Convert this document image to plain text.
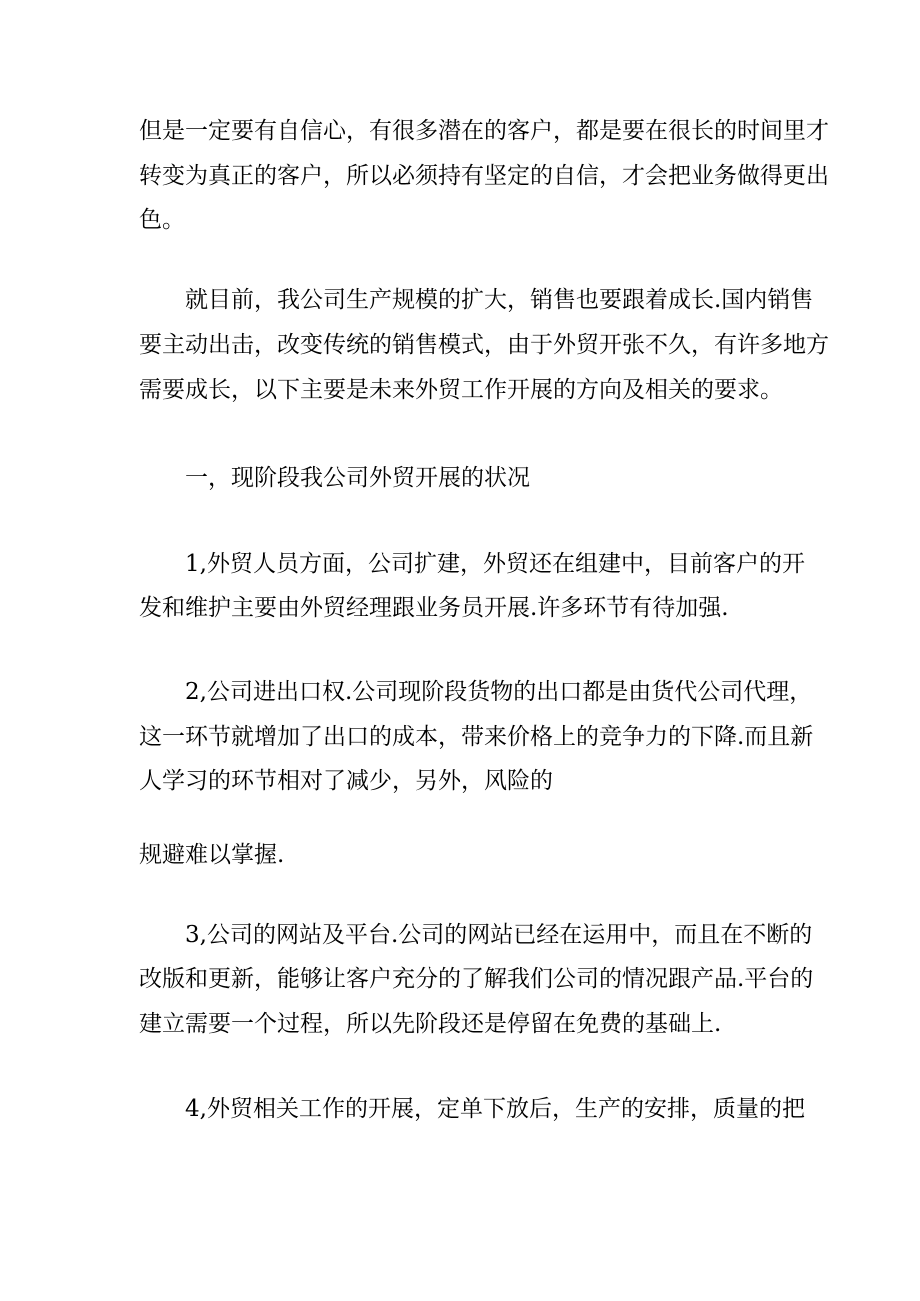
但是一定要有自信心，有很多潜在的客户，都是要在很长的时间里才
转变为真正的客户，所以必须持有坚定的自信，才会把业务做得更出
色。
就目前，我公司生产规模的扩大，销售也要跟着成长.国内销售
要主动出击，改变传统的销售模式，由于外贸开张不久，有许多地方
需要成长，以下主要是未来外贸工作开展的方向及相关的要求。
一，现阶段我公司外贸开展的状况
1,外贸人员方面，公司扩建，外贸还在组建中，目前客户的开
发和维护主要由外贸经理跟业务员开展.许多环节有待加强.
2,公司进出口权.公司现阶段货物的出口都是由货代公司代理，
这一环节就增加了出口的成本，带来价格上的竞争力的下降.而且新
人学习的环节相对了减少，另外，风险的
规避难以掌握.
3,公司的网站及平台.公司的网站已经在运用中，而且在不断的
改版和更新，能够让客户充分的了解我们公司的情况跟产品.平台的
建立需要一个过程，所以先阶段还是停留在免费的基础上.
4,外贸相关工作的开展，定单下放后，生产的安排，质量的把
